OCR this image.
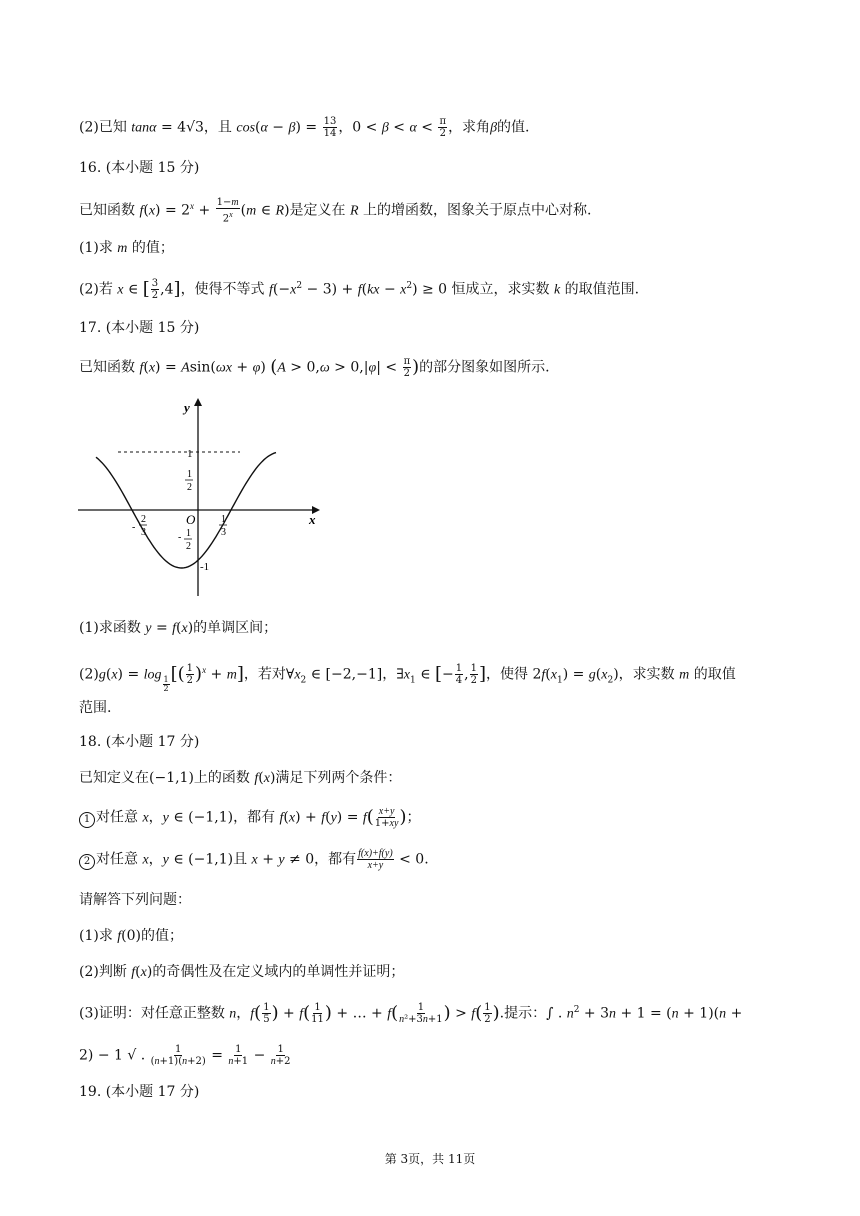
(2)已知 tanα = 4√3，且 $\cos(\alpha - \beta) = \frac{13}{14}$ ，$0 < \beta < \alpha < \frac{\pi}{2}$ ，求角β的值.
16. (本小题 15 分)
已知函数 $f(x) = 2^x + \frac{1-m}{2^x} (m$ ∈ R)是定义在 R 上的增函数，图象关于原点中心对称.
(1)求 m 的值；
(2)若 x ∈ [ $\frac{3}{2} ,4$]，使得不等式 $f(-x^2 - 3) + f(kx - x^2) \ge 0$ 恒成立，求实数 k 的取值范围.
17. (本小题 15 分)
已知函数 f(x) = Asin(ωx + φ) ($A > 0,\omega > 0,|\varphi| < \frac{\pi}{2}$ )的部分图象如图所示.
y
x
O
1
1
2
- 1
2
-1
-
2
3
1
3
(1)求函数 y = f(x)的单调区间；
(2)g(x) = log
$\frac{1}{2}$
[( $\frac{1}{2} )^x + m$]，若对$\forall x_2$ ∈ [−2,−1]，$\exists x_1$ ∈ [− $\frac{1}{4}$ , $\frac{1}{2}$ ]，使得 $2f(x_1) = g(x_2)$，求实数 m 的取值
范围.
18. (本小题 17 分)
已知定义在(−1,1)上的函数 f(x)满足下列两个条件：
1 对任意 x，y ∈ (−1,1)，都有 $f(x) + f(y) = f( \frac{x+y}{1+xy}$ )；
2 对任意 x，y ∈ (−1,1)且 x + y ≠ 0，都有 $\frac{f(x)+f(y)}{x+y} < 0$.
请解答下列问题：
(1)求 f(0)的值；
(2)判断 f(x)的奇偶性及在定义域内的单调性并证明；
(3)证明：对任意正整数 n，$f( \frac{1}{5}$ ) + $f( \frac{1}{11}$ ) + … + $f( \frac{1}{\text{n²+3n+1}}$ ) > $f( \frac{1}{2}$ ).提示：∫ . $n^2 + 3n + 1 = (n + 1)(n$ +
2) − 1 √ . $\frac{1}{(n+1)(n+2)} = \frac{1}{n+1} - \frac{1}{n+2}$
19. (本小题 17 分)
第 3页，共 11页
